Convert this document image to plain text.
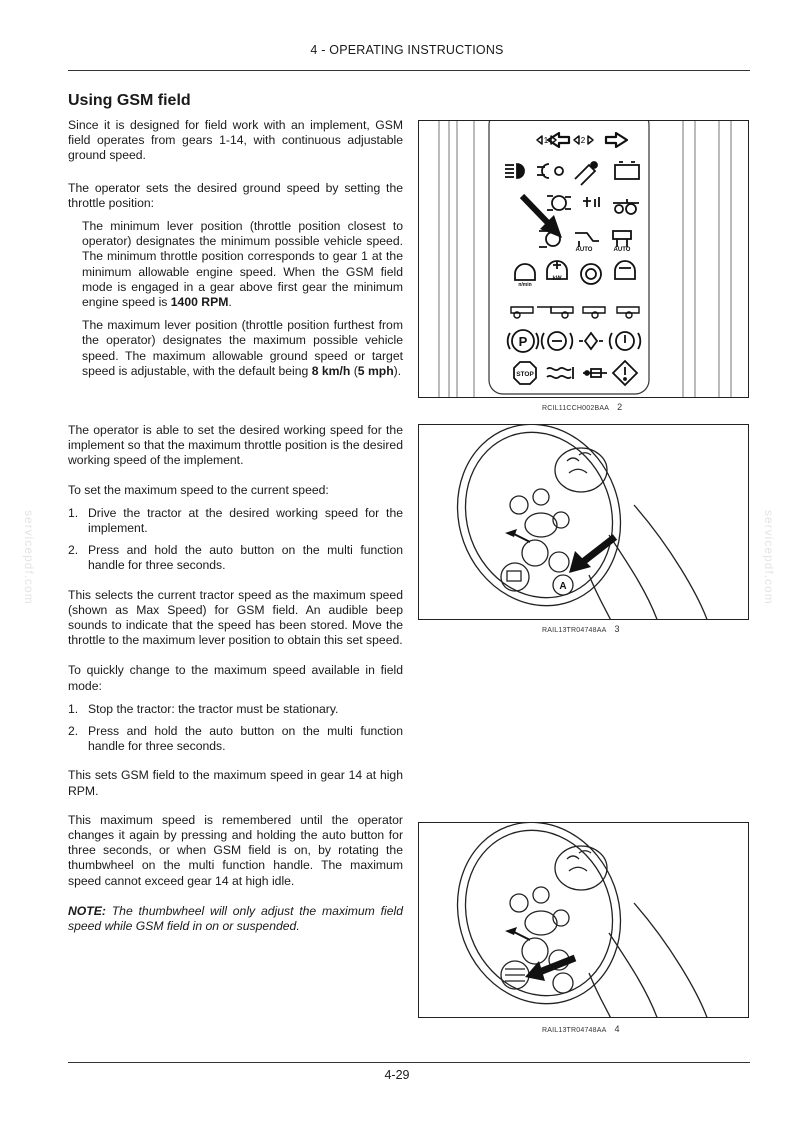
4 - OPERATING INSTRUCTIONS
Using GSM field

Since it is designed for field work with an implement, GSM field operates from gears 1-14, with continuous adjustable ground speed.

The operator sets the desired ground speed by setting the throttle position:

The minimum lever position (throttle position closest to operator) designates the minimum possible vehicle speed. The minimum throttle position corresponds to gear 1 at the minimum allowable engine speed. When the GSM field mode is engaged in a gear above first gear the minimum engine speed is 1400 RPM.

The maximum lever position (throttle position furthest from the operator) designates the maximum possible vehicle speed. The maximum allowable ground speed or target speed is adjustable, with the default being 8 km/h (5 mph).

The operator is able to set the desired working speed for the implement so that the maximum throttle position is the desired working speed of the implement.

To set the maximum speed to the current speed:

1. Drive the tractor at the desired working speed for the implement.
2. Press and hold the auto button on the multi function handle for three seconds.

This selects the current tractor speed as the maximum speed (shown as Max Speed) for GSM field. An audible beep sounds to indicate that the speed has been stored. Move the throttle to the maximum lever position to obtain this set speed.

To quickly change to the maximum speed available in field mode:

1. Stop the tractor: the tractor must be stationary.
2. Press and hold the auto button on the multi function handle for three seconds.

This sets GSM field to the maximum speed in gear 14 at high RPM.

This maximum speed is remembered until the operator changes it again by pressing and holding the auto button for three seconds, or when GSM field is on, by rotating the thumbwheel on the multi function handle. The maximum speed cannot exceed gear 14 at high idle.

NOTE: The thumbwheel will only adjust the maximum field speed while GSM field in on or suspended.

1	2
AUTO	AUTO
kW
n/min
P
STOP
RCIL11CCH002BAA 2
A
RAIL13TR04748AA 3
RAIL13TR04748AA 4
servicepdf.com	servicepdf.com
4-29
